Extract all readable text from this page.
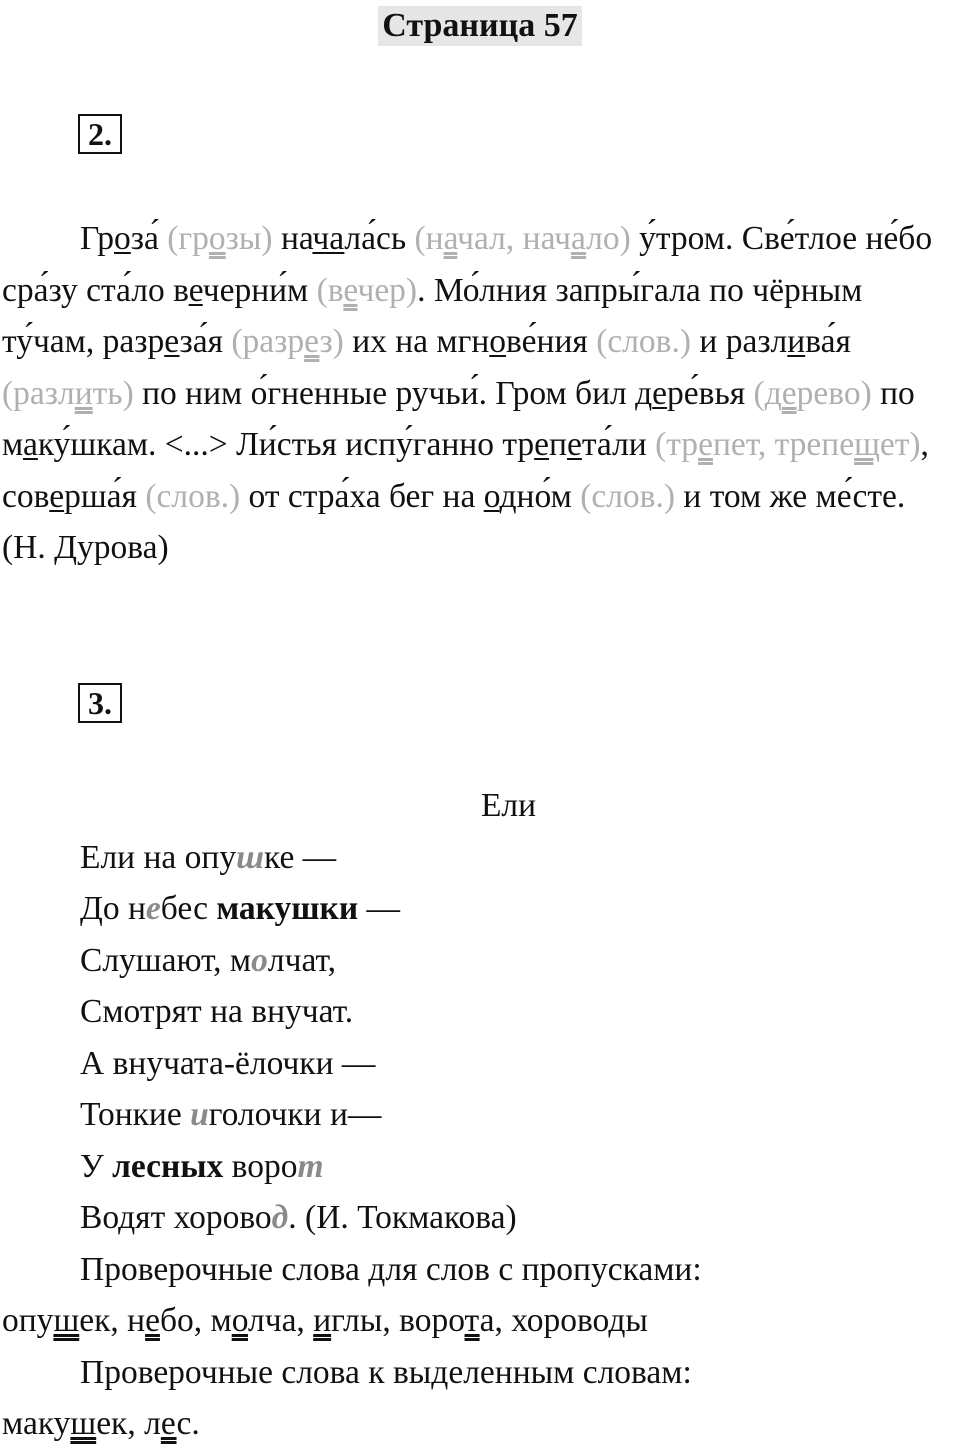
Страница 57
2.

Гроза́ (грозы) начала́сь (начал, начало) у́тром. Све́тлое не́бо сра́зу ста́ло вечерни́м (вечер). Мо́лния запры́гала по чёрным ту́чам, разреза́я (разрез) их на мгнове́ния (слов.) и разлива́я (разлить) по ним о́гненные ручьи́. Гром бил дере́вья (дерево) по маку́шкам. <...> Ли́стья испу́ганно трепета́ли (трепет, трепещет), соверша́я (слов.) от стра́ха бег на одно́м (слов.) и том же ме́сте. (Н. Дурова)

3.

Ели

Ели на опушке —

До небес макушки —

Слушают, молчат,

Смотрят на внучат.

А внучата-ёлочки —

Тонкие иголочки и—

У лесных ворот

Водят хоровод. (И. Токмакова)

Проверочные слова для слов с пропусками:

опушек, небо, молча, иглы, ворота, хороводы

Проверочные слова к выделенным словам:

макушек, лес.
